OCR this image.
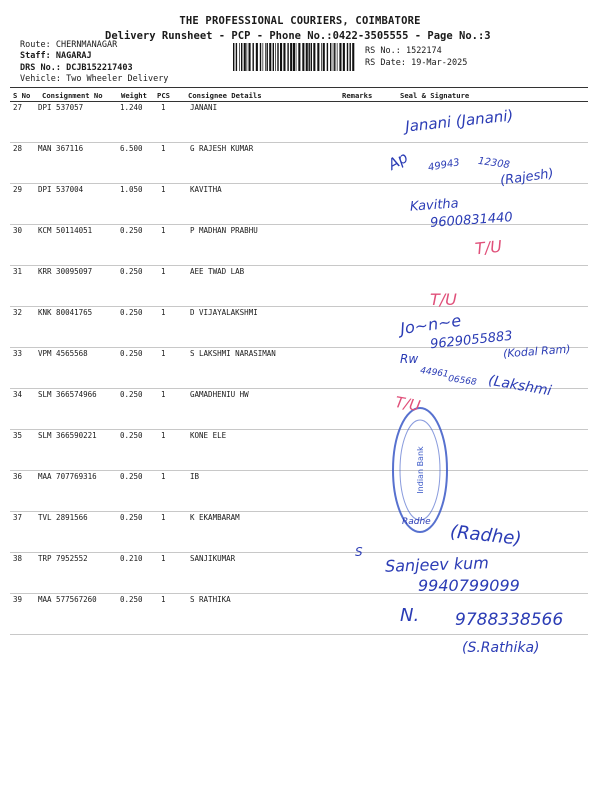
THE PROFESSIONAL COURIERS, COIMBATORE
Delivery Runsheet - PCP - Phone No.:0422-3505555 - Page No.:3
Route: CHERNMANAGAR
Staff: NAGARAJ
DRS No.: DCJB152217403
Vehicle: Two Wheeler Delivery
RS No.: 1522174
RS Date: 19-Mar-2025
S No Consignment No	Weight PCS	Consignee Details	Remarks	Seal & Signature
27 DPI 537057	1.240 1	JANANI
28 MAN 367116	6.500 1	G RAJESH KUMAR
29 DPI 537004	1.050 1	KAVITHA
30 KCM 50114051	0.250 1	P MADHAN PRABHU
31 KRR 30095097	0.250 1	AEE TWAD LAB
32 KNK 80041765	0.250 1	D VIJAYALAKSHMI
33 VPM 4565568	0.250 1	S LAKSHMI NARASIMAN
34 SLM 366574966	0.250 1	GAMADHENIU HW
35 SLM 366590221	0.250 1	KONE ELE
36 MAA 707769316	0.250 1	IB
37 TVL 2891566	0.250 1	K EKAMBARAM
38 TRP 7952552	0.210 1	SANJIKUMAR
39 MAA 577567260	0.250 1	S RATHIKA
Indian Bank
Janani (Janani)
Ap 49943 12308
(Rajesh)
Kavitha
9600831440
T/U
T/U
T/U
Jo~n~e
9629055883
Rw	(Kodal Ram)
44961
06568 (Lakshmi
Radhe (Radhe)
S
Sanjeev kum
9940799099
N. 9788338566
(S.Rathika)
